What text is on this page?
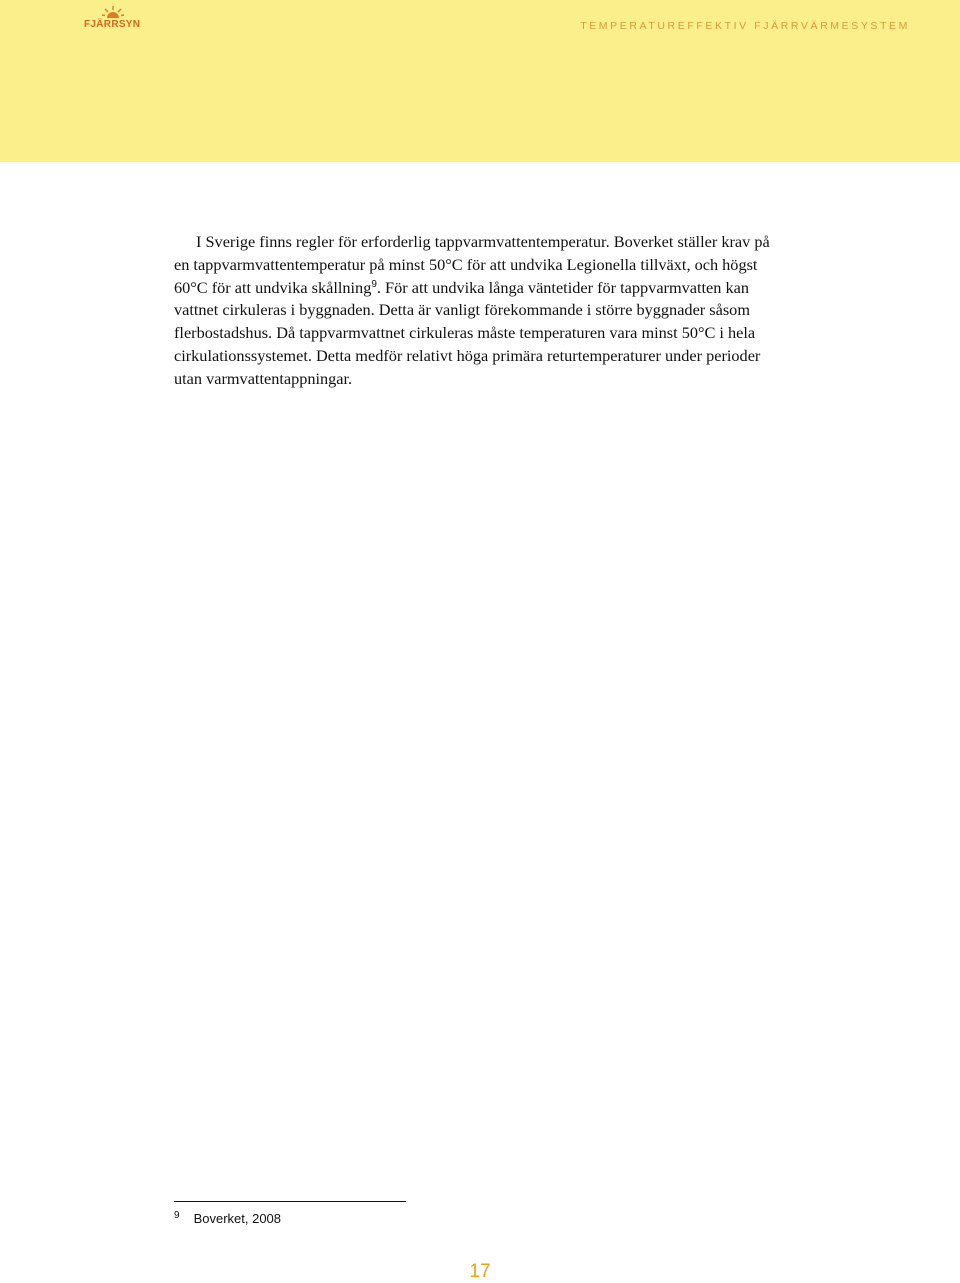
FJÄRRSYN	TEMPERATUREFFEKTIV FJÄRRVÄRMESYSTEM

I Sverige finns regler för erforderlig tappvarmvattentemperatur. Boverket ställer krav på en tappvarmvattentemperatur på minst 50°C för att undvika Legionella tillväxt, och högst 60°C för att undvika skållning$^9$. För att undvika långa väntetider för tappvarmvatten kan vattnet cirkuleras i byggnaden. Detta är vanligt förekommande i större byggnader såsom flerbostadshus. Då tappvarmvattnet cirkuleras måste temperaturen vara minst 50°C i hela cirkulationssystemet. Detta medför relativt höga primära returtemperaturer under perioder utan varmvattentappningar.

$^9$ Boverket, 2008
17
